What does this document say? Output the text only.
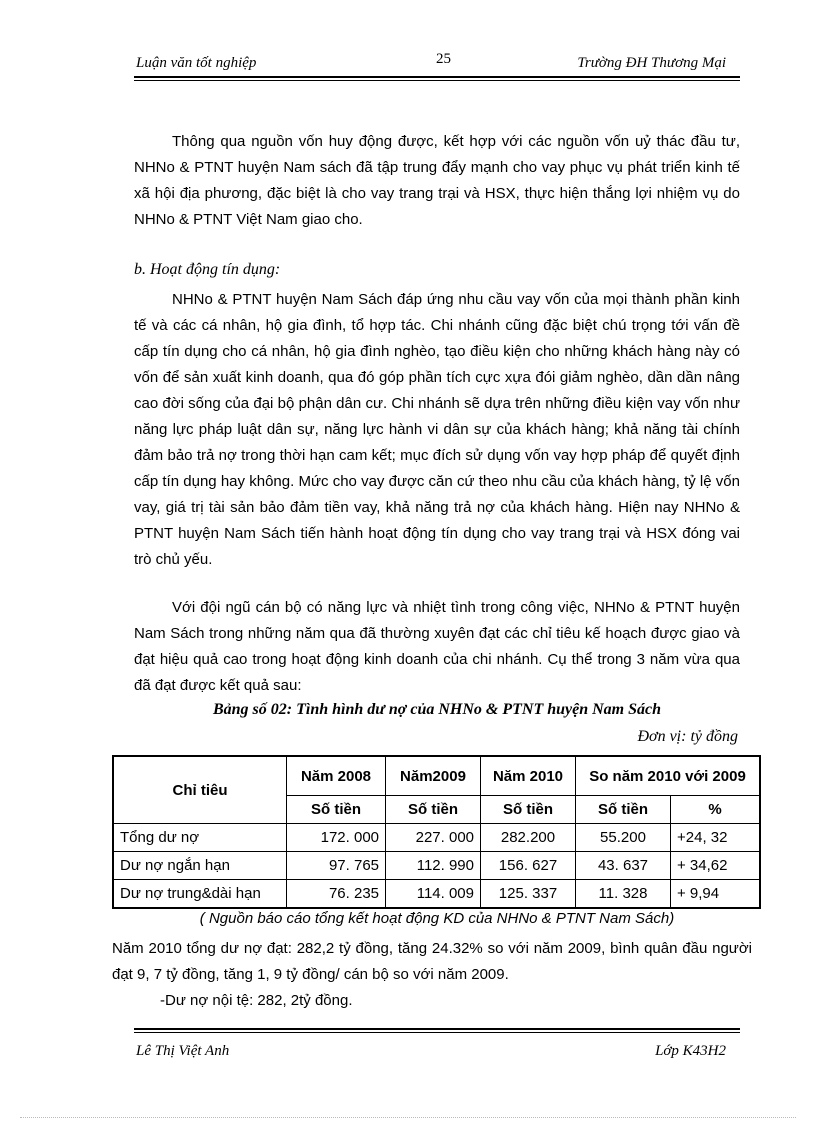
Luận văn tốt nghiệp	25	Trường ĐH Thương Mại

Thông qua nguồn vốn huy động được, kết hợp với các nguồn vốn uỷ thác đầu tư, NHNo & PTNT huyện Nam sách đã tập trung đẩy mạnh cho vay phục vụ phát triển kinh tế xã hội địa phương, đặc biệt là cho vay trang trại và HSX, thực hiện thắng lợi nhiệm vụ do NHNo & PTNT Việt Nam giao cho.

b. Hoạt động tín dụng:

NHNo & PTNT huyện Nam Sách đáp ứng nhu cầu vay vốn của mọi thành phần kinh tế và các cá nhân, hộ gia đình, tổ hợp tác. Chi nhánh cũng đặc biệt chú trọng tới vấn đề cấp tín dụng cho cá nhân, hộ gia đình nghèo, tạo điều kiện cho những khách hàng này có vốn để sản xuất kinh doanh, qua đó góp phần tích cực xựa đói giảm nghèo, dần dần nâng cao đời sống của đại bộ phận dân cư. Chi nhánh sẽ dựa trên những điều kiện vay vốn như năng lực pháp luật dân sự, năng lực hành vi dân sự của khách hàng; khả năng tài chính đảm bảo trả nợ trong thời hạn cam kết; mục đích sử dụng vốn vay hợp pháp để quyết định cấp tín dụng hay không. Mức cho vay được căn cứ theo nhu cầu của khách hàng, tỷ lệ vốn vay, giá trị tài sản bảo đảm tiền vay, khả năng trả nợ của khách hàng. Hiện nay NHNo & PTNT huyện Nam Sách tiến hành hoạt động tín dụng cho vay trang trại và HSX đóng vai trò chủ yếu.

Với đội ngũ cán bộ có năng lực và nhiệt tình trong công việc, NHNo & PTNT huyện Nam Sách trong những năm qua đã thường xuyên đạt các chỉ tiêu kế hoạch được giao và đạt hiệu quả cao trong hoạt động kinh doanh của chi nhánh. Cụ thể trong 3 năm vừa qua đã đạt được kết quả sau:

Bảng số 02: Tình hình dư nợ của NHNo & PTNT huyện Nam Sách
Đơn vị: tỷ đồng
Chỉ tiêu	Năm 2008	Năm2009	Năm 2010	So năm 2010 với 2009	
	Số tiền	Số tiền	Số tiền	Số tiền	%
Tổng dư nợ	172. 000	227. 000	282.200	55.200	+24, 32
Dư nợ ngắn hạn	97. 765	112. 990	156. 627	43. 637	+ 34,62
Dư nợ trung&dài hạn	76. 235	114. 009	125. 337	11. 328	+ 9,94
( Nguồn báo cáo tổng kết hoạt động KD của NHNo & PTNT Nam Sách)

Năm 2010 tổng dư nợ đạt: 282,2 tỷ đồng, tăng 24.32% so với năm 2009, bình quân đầu người đạt 9, 7 tỷ đồng, tăng 1, 9 tỷ đồng/ cán bộ so với năm 2009.

-Dư nợ nội tệ: 282, 2tỷ đồng.

Lê Thị Việt Anh	Lớp K43H2
